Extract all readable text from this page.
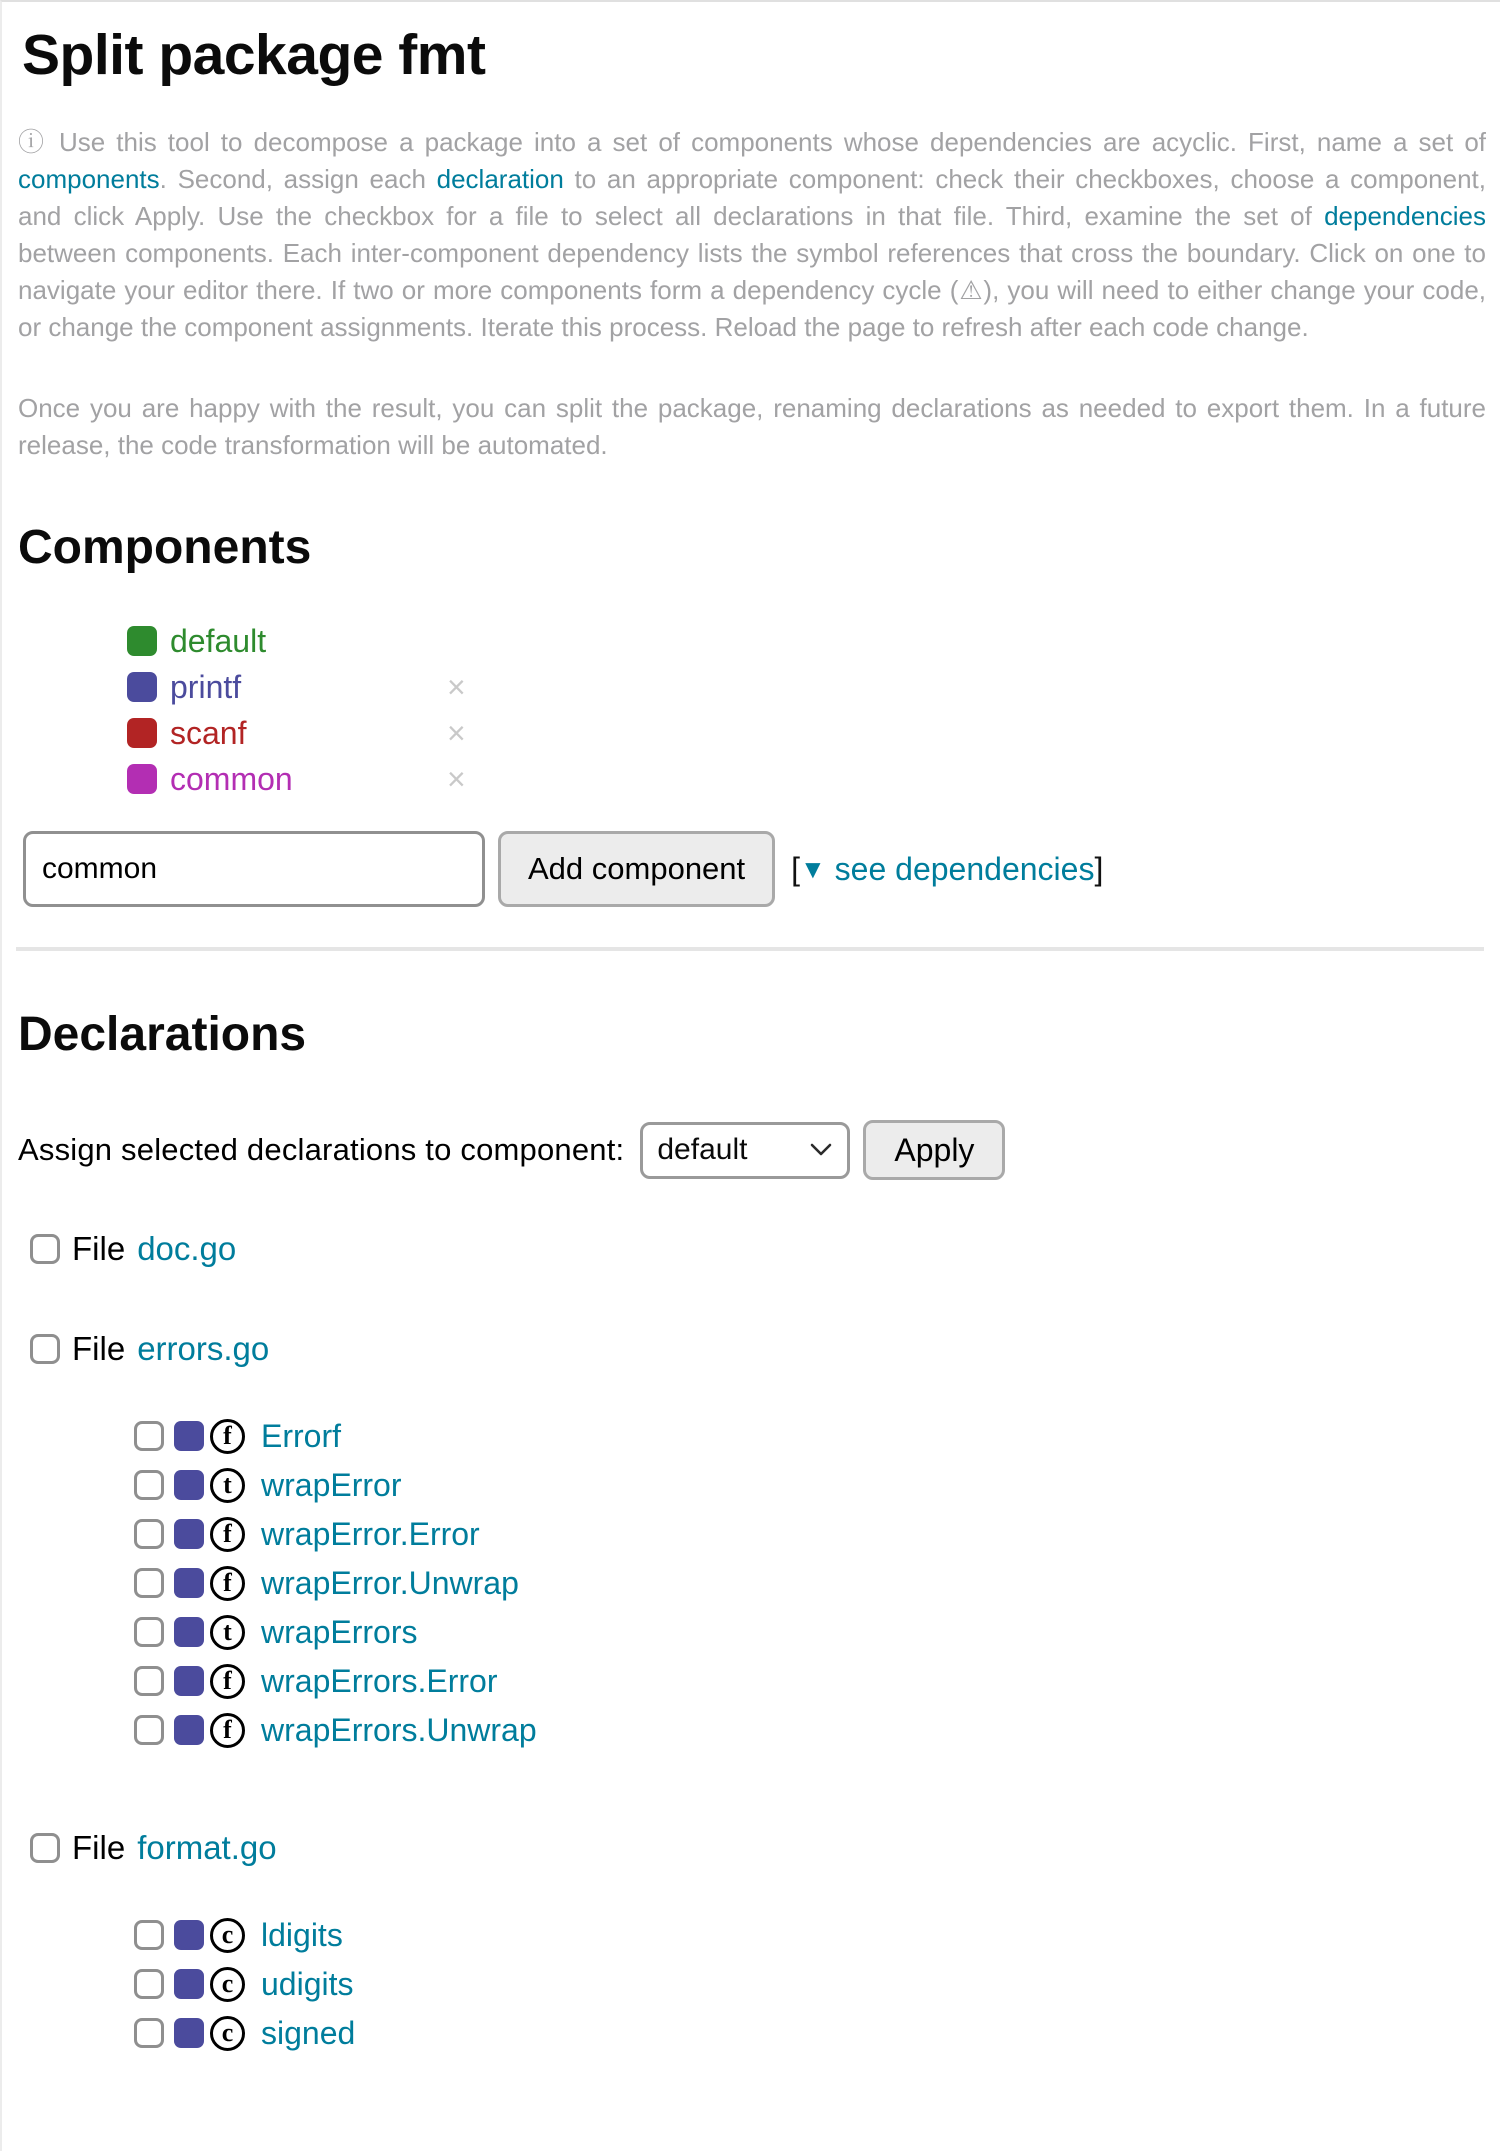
Split package fmt

ⓘ Use this tool to decompose a package into a set of components whose dependencies are acyclic. First, name a set of components. Second, assign each declaration to an appropriate component: check their checkboxes, choose a component, and click Apply. Use the checkbox for a file to select all declarations in that file. Third, examine the set of dependencies between components. Each inter-component dependency lists the symbol references that cross the boundary. Click on one to navigate your editor there. If two or more components form a dependency cycle (⚠), you will need to either change your code, or change the component assignments. Iterate this process. Reload the page to refresh after each code change.

Once you are happy with the result, you can split the package, renaming declarations as needed to export them. In a future release, the code transformation will be automated.

Components
default
printf	×
scanf	×
common	×
common
Add component	[▼ see dependencies]
Declarations
Assign selected declarations to component: default	Apply
File doc.go
File errors.go
f Errorf
t wrapError
f wrapError.Error
f wrapError.Unwrap
t wrapErrors
f wrapErrors.Error
f wrapErrors.Unwrap
File format.go
c ldigits
c udigits
c signed
